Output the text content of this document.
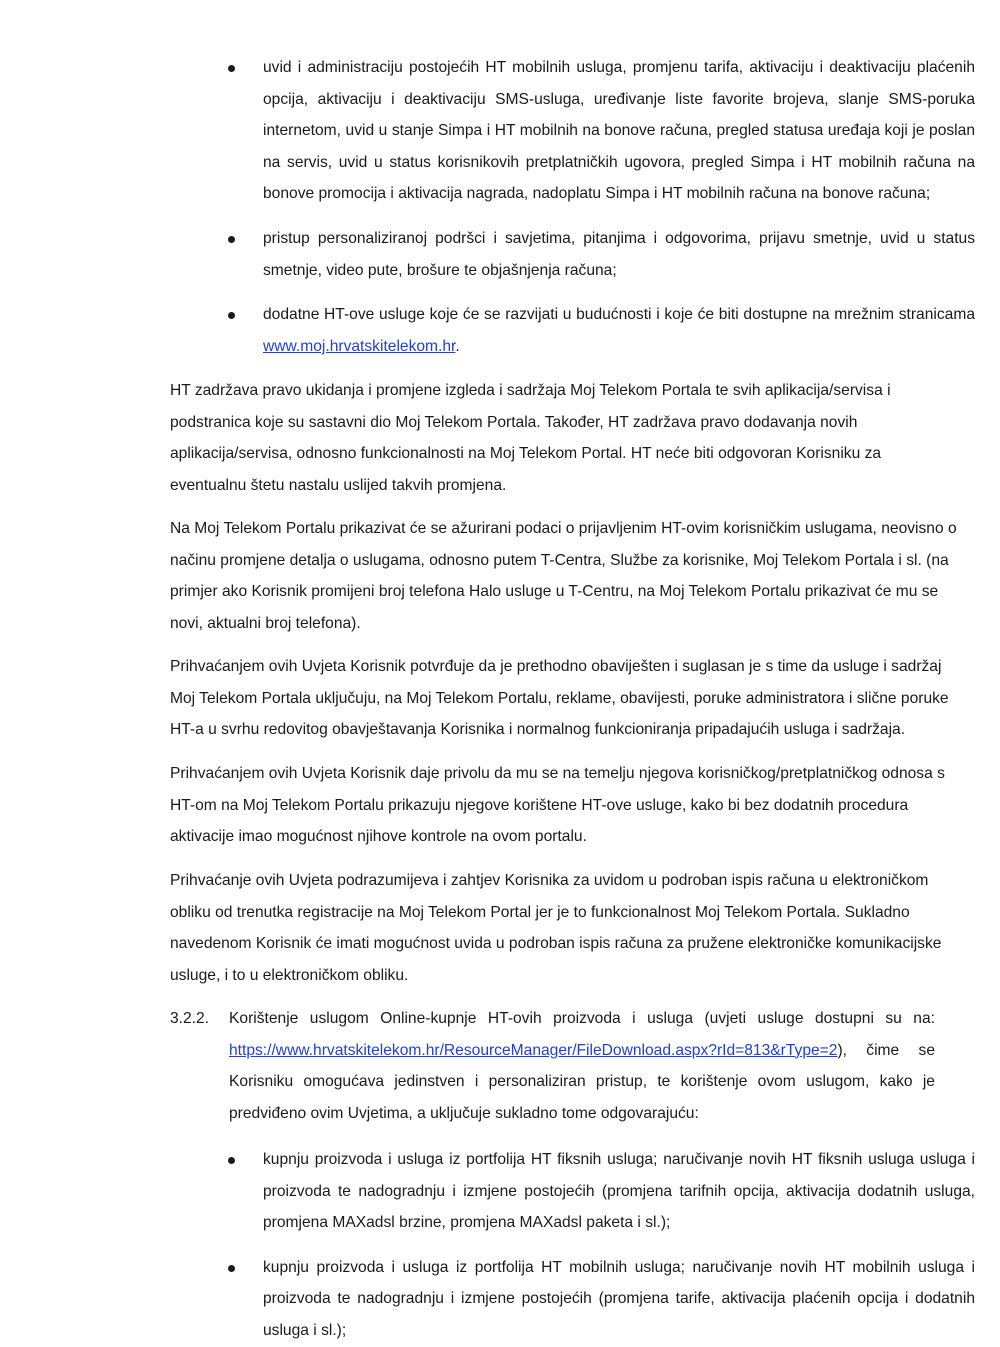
uvid i administraciju postojećih HT mobilnih usluga, promjenu tarifa, aktivaciju i deaktivaciju plaćenih opcija, aktivaciju i deaktivaciju SMS-usluga, uređivanje liste favorite brojeva, slanje SMS-poruka internetom, uvid u stanje Simpa i HT mobilnih na bonove računa, pregled statusa uređaja koji je poslan na servis, uvid u status korisnikovih pretplatničkih ugovora, pregled Simpa i HT mobilnih računa na bonove promocija i aktivacija nagrada, nadoplatu Simpa i HT mobilnih računa na bonove računa;
pristup personaliziranoj podršci i savjetima, pitanjima i odgovorima, prijavu smetnje, uvid u status smetnje, video pute, brošure te objašnjenja računa;
dodatne HT-ove usluge koje će se razvijati u budućnosti i koje će biti dostupne na mrežnim stranicama www.moj.hrvatskitelekom.hr.

HT zadržava pravo ukidanja i promjene izgleda i sadržaja Moj Telekom Portala te svih aplikacija/servisa i podstranica koje su sastavni dio Moj Telekom Portala. Također, HT zadržava pravo dodavanja novih aplikacija/servisa, odnosno funkcionalnosti na Moj Telekom Portal. HT neće biti odgovoran Korisniku za eventualnu štetu nastalu uslijed takvih promjena.

Na Moj Telekom Portalu prikazivat će se ažurirani podaci o prijavljenim HT-ovim korisničkim uslugama, neovisno o načinu promjene detalja o uslugama, odnosno putem T-Centra, Službe za korisnike, Moj Telekom Portala i sl. (na primjer ako Korisnik promijeni broj telefona Halo usluge u T-Centru, na Moj Telekom Portalu prikazivat će mu se novi, aktualni broj telefona).

Prihvaćanjem ovih Uvjeta Korisnik potvrđuje da je prethodno obaviješten i suglasan je s time da usluge i sadržaj Moj Telekom Portala uključuju, na Moj Telekom Portalu, reklame, obavijesti, poruke administratora i slične poruke HT-a u svrhu redovitog obavještavanja Korisnika i normalnog funkcioniranja pripadajućih usluga i sadržaja.

Prihvaćanjem ovih Uvjeta Korisnik daje privolu da mu se na temelju njegova korisničkog/pretplatničkog odnosa s HT-om na Moj Telekom Portalu prikazuju njegove korištene HT-ove usluge, kako bi bez dodatnih procedura aktivacije imao mogućnost njihove kontrole na ovom portalu.

Prihvaćanje ovih Uvjeta podrazumijeva i zahtjev Korisnika za uvidom u podroban ispis računa u elektroničkom obliku od trenutka registracije na Moj Telekom Portal jer je to funkcionalnost Moj Telekom Portala. Sukladno navedenom Korisnik će imati mogućnost uvida u podroban ispis računa za pružene elektroničke komunikacijske usluge, i to u elektroničkom obliku.

3.2.2. Korištenje uslugom Online-kupnje HT-ovih proizvoda i usluga (uvjeti usluge dostupni su na:
https://www.hrvatskitelekom.hr/ResourceManager/FileDownload.aspx?rId=813&rType=2), čime se Korisniku omogućava jedinstven i personaliziran pristup, te korištenje ovom uslugom, kako je predviđeno ovim Uvjetima, a uključuje sukladno tome odgovarajuću:
kupnju proizvoda i usluga iz portfolija HT fiksnih usluga; naručivanje novih HT fiksnih usluga usluga i proizvoda te nadogradnju i izmjene postojećih (promjena tarifnih opcija, aktivacija dodatnih usluga, promjena MAXadsl brzine, promjena MAXadsl paketa i sl.);
kupnju proizvoda i usluga iz portfolija HT mobilnih usluga; naručivanje novih HT mobilnih usluga i proizvoda te nadogradnju i izmjene postojećih (promjena tarife, aktivacija plaćenih opcija i dodatnih usluga i sl.);
